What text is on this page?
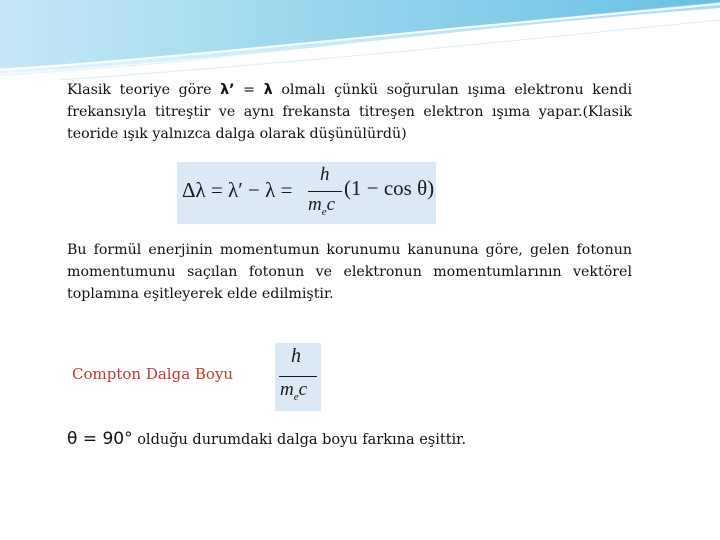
Klasik teoriye göre λ’ = λ olmalı çünkü soğurulan ışıma elektronu kendi frekansıyla titreştir ve aynı frekansta titreşen elektron ışıma yapar.(Klasik teoride ışık yalnızca dalga olarak düşünülürdü)
Δλ = λ′ − λ =
h
$m_ec$
(1 − cos θ)
Bu formül enerjinin momentumun korunumu kanununa göre, gelen fotonun momentumunu saçılan fotonun ve elektronun momentumlarının vektörel toplamına eşitleyerek elde edilmiştir.
Compton Dalga Boyu
h
$m_ec$
θ = 90° olduğu durumdaki dalga boyu farkına eşittir.
